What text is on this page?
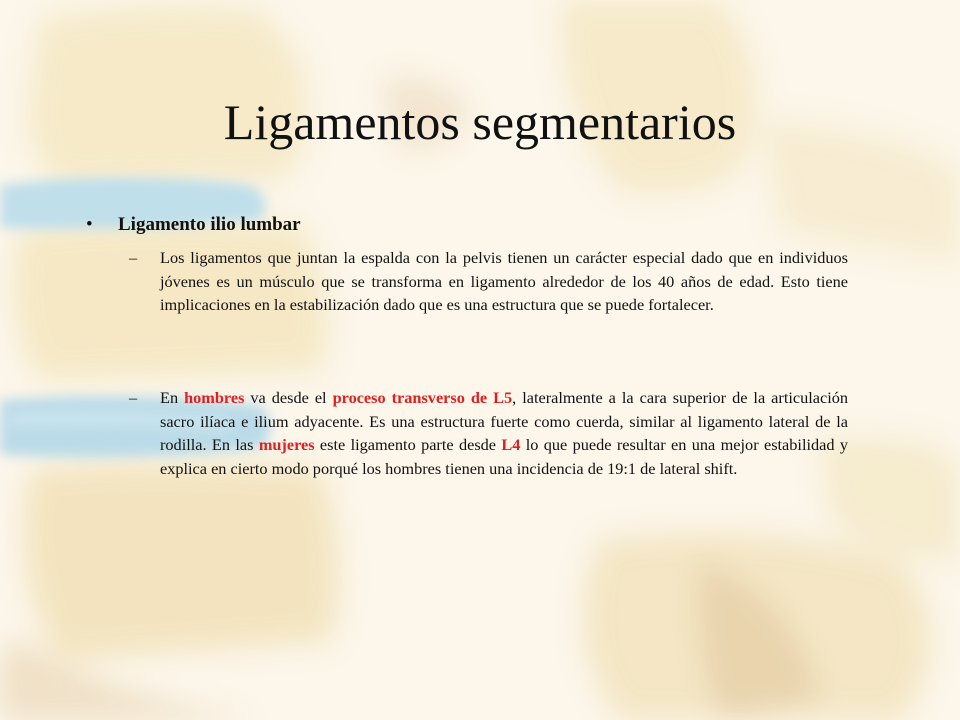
Ligamentos segmentarios
• Ligamento ilio lumbar
– Los ligamentos que juntan la espalda con la pelvis tienen un carácter especial dado que en individuos jóvenes es un músculo que se transforma en ligamento alrededor de los 40 años de edad. Esto tiene implicaciones en la estabilización dado que es una estructura que se puede fortalecer.
– En hombres va desde el proceso transverso de L5, lateralmente a la cara superior de la articulación sacro ilíaca e ilium adyacente. Es una estructura fuerte como cuerda, similar al ligamento lateral de la rodilla. En las mujeres este ligamento parte desde L4 lo que puede resultar en una mejor estabilidad y explica en cierto modo porqué los hombres tienen una incidencia de 19:1 de lateral shift.
